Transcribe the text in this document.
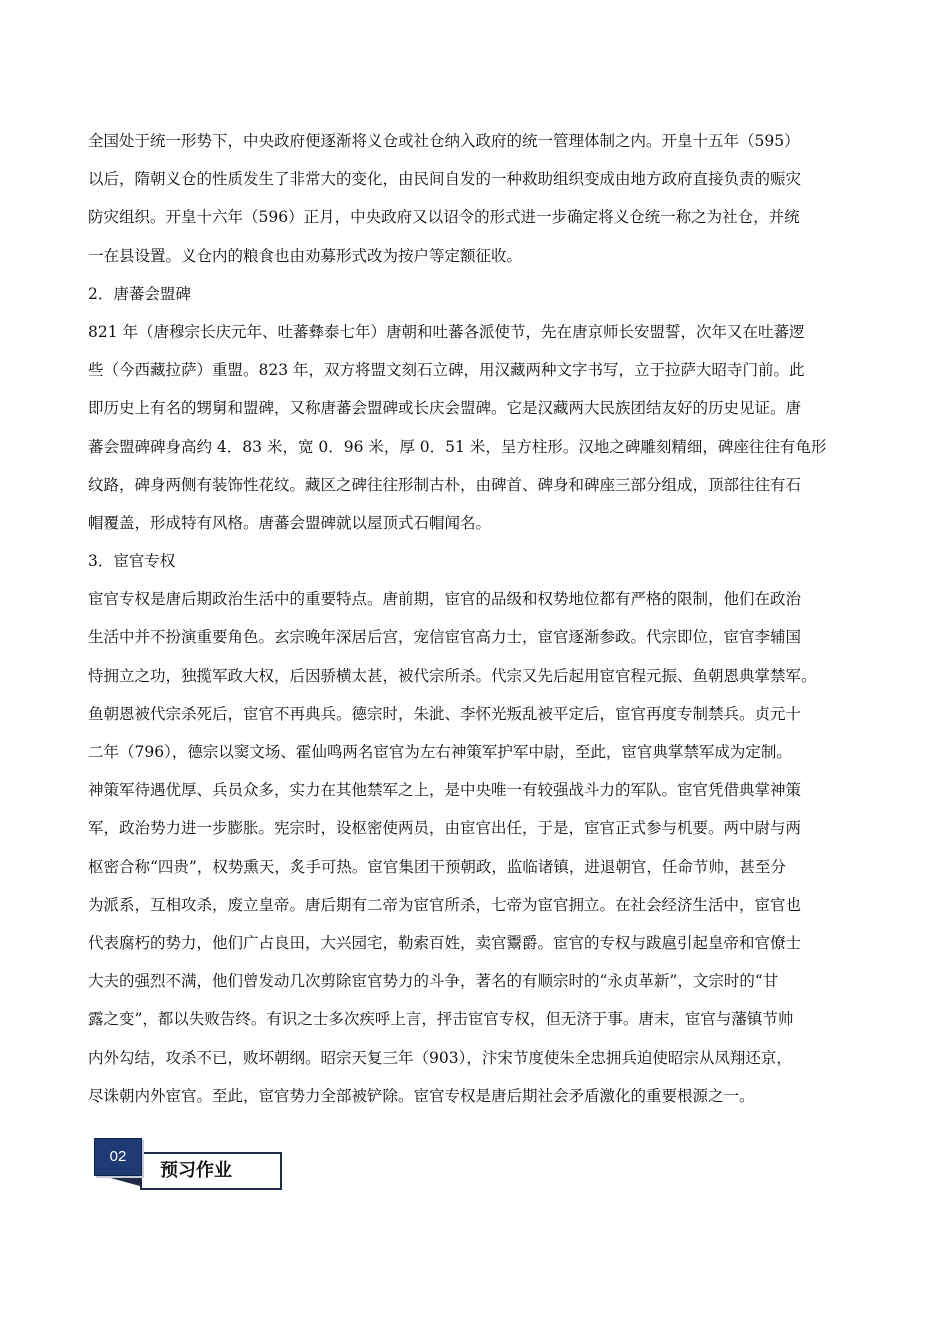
全国处于统一形势下，中央政府便逐渐将义仓或社仓纳入政府的统一管理体制之内。开皇十五年（595）
以后，隋朝义仓的性质发生了非常大的变化，由民间自发的一种救助组织变成由地方政府直接负责的赈灾
防灾组织。开皇十六年（596）正月，中央政府又以诏令的形式进一步确定将义仓统一称之为社仓，并统
一在县设置。义仓内的粮食也由劝募形式改为按户等定额征收。
2．唐蕃会盟碑
821 年（唐穆宗长庆元年、吐蕃彝泰七年）唐朝和吐蕃各派使节，先在唐京师长安盟誓，次年又在吐蕃逻
些（今西藏拉萨）重盟。823 年，双方将盟文刻石立碑，用汉藏两种文字书写，立于拉萨大昭寺门前。此
即历史上有名的甥舅和盟碑，又称唐蕃会盟碑或长庆会盟碑。它是汉藏两大民族团结友好的历史见证。唐
蕃会盟碑碑身高约 4．83 米，宽 0．96 米，厚 0．51 米，呈方柱形。汉地之碑雕刻精细，碑座往往有龟形
纹路，碑身两侧有装饰性花纹。藏区之碑往往形制古朴，由碑首、碑身和碑座三部分组成，顶部往往有石
帽覆盖，形成特有风格。唐蕃会盟碑就以屋顶式石帽闻名。
3．宦官专权
宦官专权是唐后期政治生活中的重要特点。唐前期，宦官的品级和权势地位都有严格的限制，他们在政治
生活中并不扮演重要角色。玄宗晚年深居后宫，宠信宦官高力士，宦官逐渐参政。代宗即位，宦官李辅国
恃拥立之功，独揽军政大权，后因骄横太甚，被代宗所杀。代宗又先后起用宦官程元振、鱼朝恩典掌禁军。
鱼朝恩被代宗杀死后，宦官不再典兵。德宗时，朱泚、李怀光叛乱被平定后，宦官再度专制禁兵。贞元十
二年（796），德宗以窦文场、霍仙鸣两名宦官为左右神策军护军中尉，至此，宦官典掌禁军成为定制。
神策军待遇优厚、兵员众多，实力在其他禁军之上，是中央唯一有较强战斗力的军队。宦官凭借典掌神策
军，政治势力进一步膨胀。宪宗时，设枢密使两员，由宦官出任，于是，宦官正式参与机要。两中尉与两
枢密合称“四贵”，权势熏天，炙手可热。宦官集团干预朝政，监临诸镇，进退朝官，任命节帅，甚至分
为派系，互相攻杀，废立皇帝。唐后期有二帝为宦官所杀，七帝为宦官拥立。在社会经济生活中，宦官也
代表腐朽的势力，他们广占良田，大兴园宅，勒索百姓，卖官鬻爵。宦官的专权与跋扈引起皇帝和官僚士
大夫的强烈不满，他们曾发动几次剪除宦官势力的斗争，著名的有顺宗时的“永贞革新”，文宗时的“甘
露之变”，都以失败告终。有识之士多次疾呼上言，抨击宦官专权，但无济于事。唐末，宦官与藩镇节帅
内外勾结，攻杀不已，败坏朝纲。昭宗天复三年（903），汴宋节度使朱全忠拥兵迫使昭宗从凤翔还京，
尽诛朝内外宦官。至此，宦官势力全部被铲除。宦官专权是唐后期社会矛盾激化的重要根源之一。
预习作业
02
